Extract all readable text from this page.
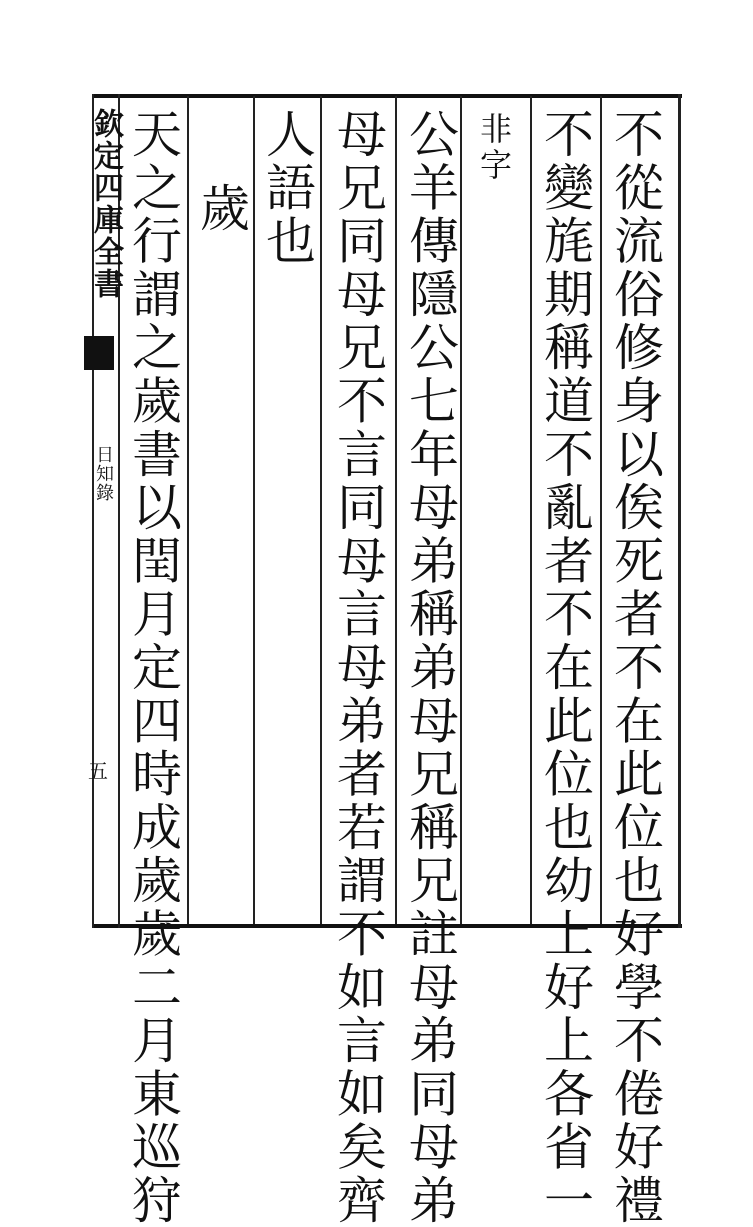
欽定四庫全書
日知錄
五	不從流俗修身以俟死者不在此位也好學不倦好禮
不變旄期稱道不亂者不在此位也幼上好上各省一
非字
公羊傳隱公七年母弟稱弟母兄稱兄註母弟同母弟
母兄同母兄不言同母言母弟者若謂不如言如矣齊
人語也
歲
天之行謂之歲書以閏月定四時成歲歲二月東巡狩
